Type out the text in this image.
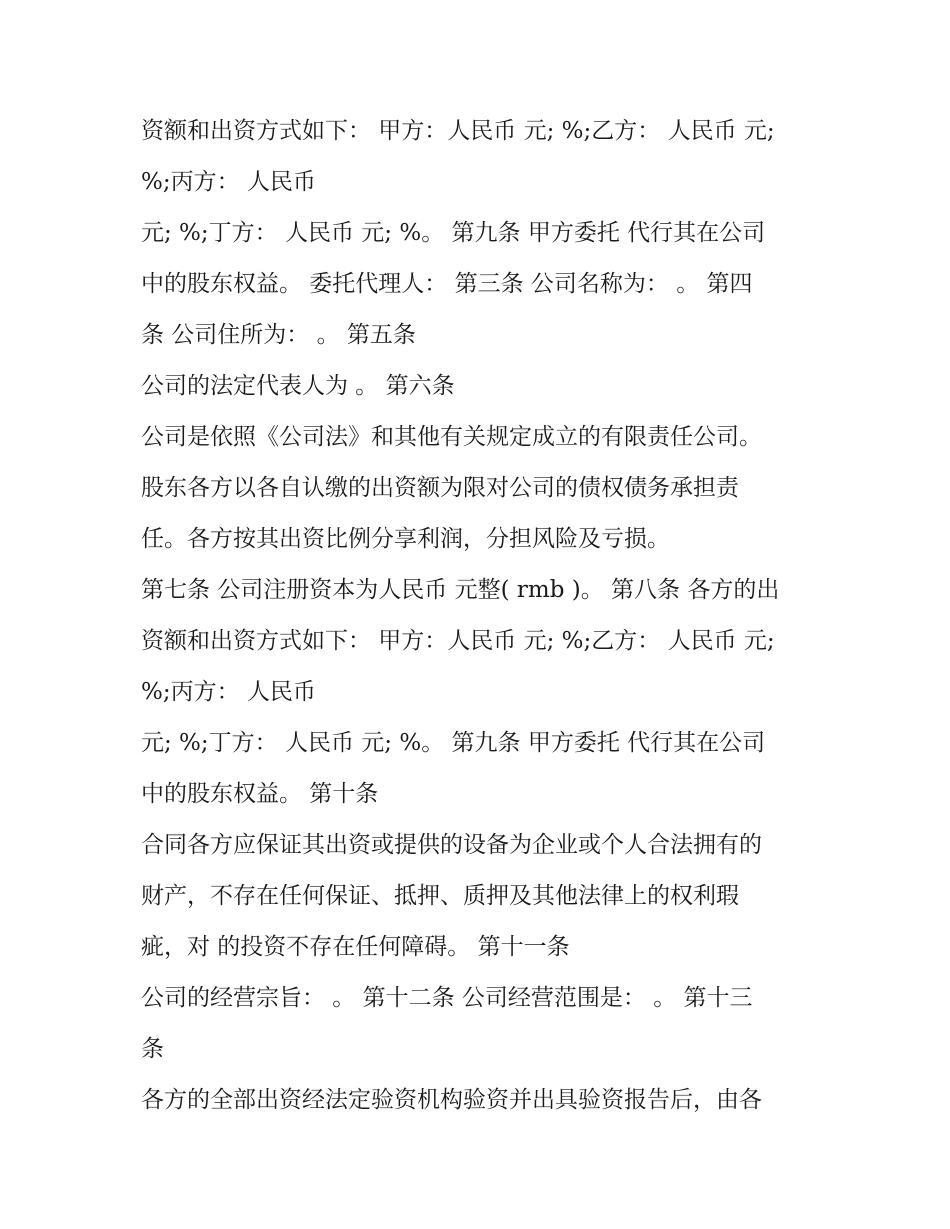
资额和出资方式如下： 甲方：人民币 元; %;乙方： 人民币 元;
%;丙方： 人民币
元; %;丁方： 人民币 元; %。 第九条 甲方委托 代行其在公司
中的股东权益。 委托代理人： 第三条 公司名称为： 。 第四
条 公司住所为： 。 第五条
公司的法定代表人为 。 第六条
公司是依照《公司法》和其他有关规定成立的有限责任公司。
股东各方以各自认缴的出资额为限对公司的债权债务承担责
任。各方按其出资比例分享利润，分担风险及亏损。
第七条 公司注册资本为人民币 元整( rmb )。 第八条 各方的出
资额和出资方式如下： 甲方：人民币 元; %;乙方： 人民币 元;
%;丙方： 人民币
元; %;丁方： 人民币 元; %。 第九条 甲方委托 代行其在公司
中的股东权益。 第十条
合同各方应保证其出资或提供的设备为企业或个人合法拥有的
财产，不存在任何保证、抵押、质押及其他法律上的权利瑕
疵，对 的投资不存在任何障碍。 第十一条
公司的经营宗旨： 。 第十二条 公司经营范围是： 。 第十三
条
各方的全部出资经法定验资机构验资并出具验资报告后，由各
